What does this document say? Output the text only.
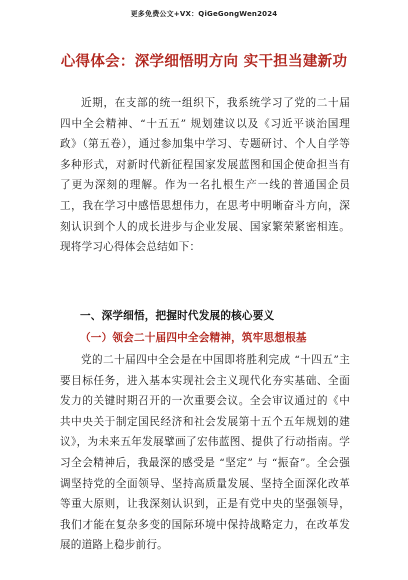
更多免费公文+VX：QiGeGongWen2024
心得体会：深学细悟明方向 实干担当建新功
近期，在支部的统一组织下，我系统学习了党的二十届四中全会精神、“十五五” 规划建议以及《习近平谈治国理政》（第五卷），通过参加集中学习、专题研讨、个人自学等多种形式，对新时代新征程国家发展蓝图和国企使命担当有了更为深刻的理解。作为一名扎根生产一线的普通国企员工，我在学习中感悟思想伟力，在思考中明晰奋斗方向，深刻认识到个人的成长进步与企业发展、国家繁荣紧密相连。现将学习心得体会总结如下：
一、深学细悟，把握时代发展的核心要义
（一）领会二十届四中全会精神，筑牢思想根基
党的二十届四中全会是在中国即将胜利完成 “十四五”主要目标任务，进入基本实现社会主义现代化夯实基础、全面发力的关键时期召开的一次重要会议。全会审议通过的《中共中央关于制定国民经济和社会发展第十五个五年规划的建议》，为未来五年发展擘画了宏伟蓝图、提供了行动指南。学习全会精神后，我最深的感受是 “坚定” 与 “振奋”。全会强调坚持党的全面领导、坚持高质量发展、坚持全面深化改革等重大原则，让我深刻认识到，正是有党中央的坚强领导，我们才能在复杂多变的国际环境中保持战略定力，在改革发展的道路上稳步前行。
